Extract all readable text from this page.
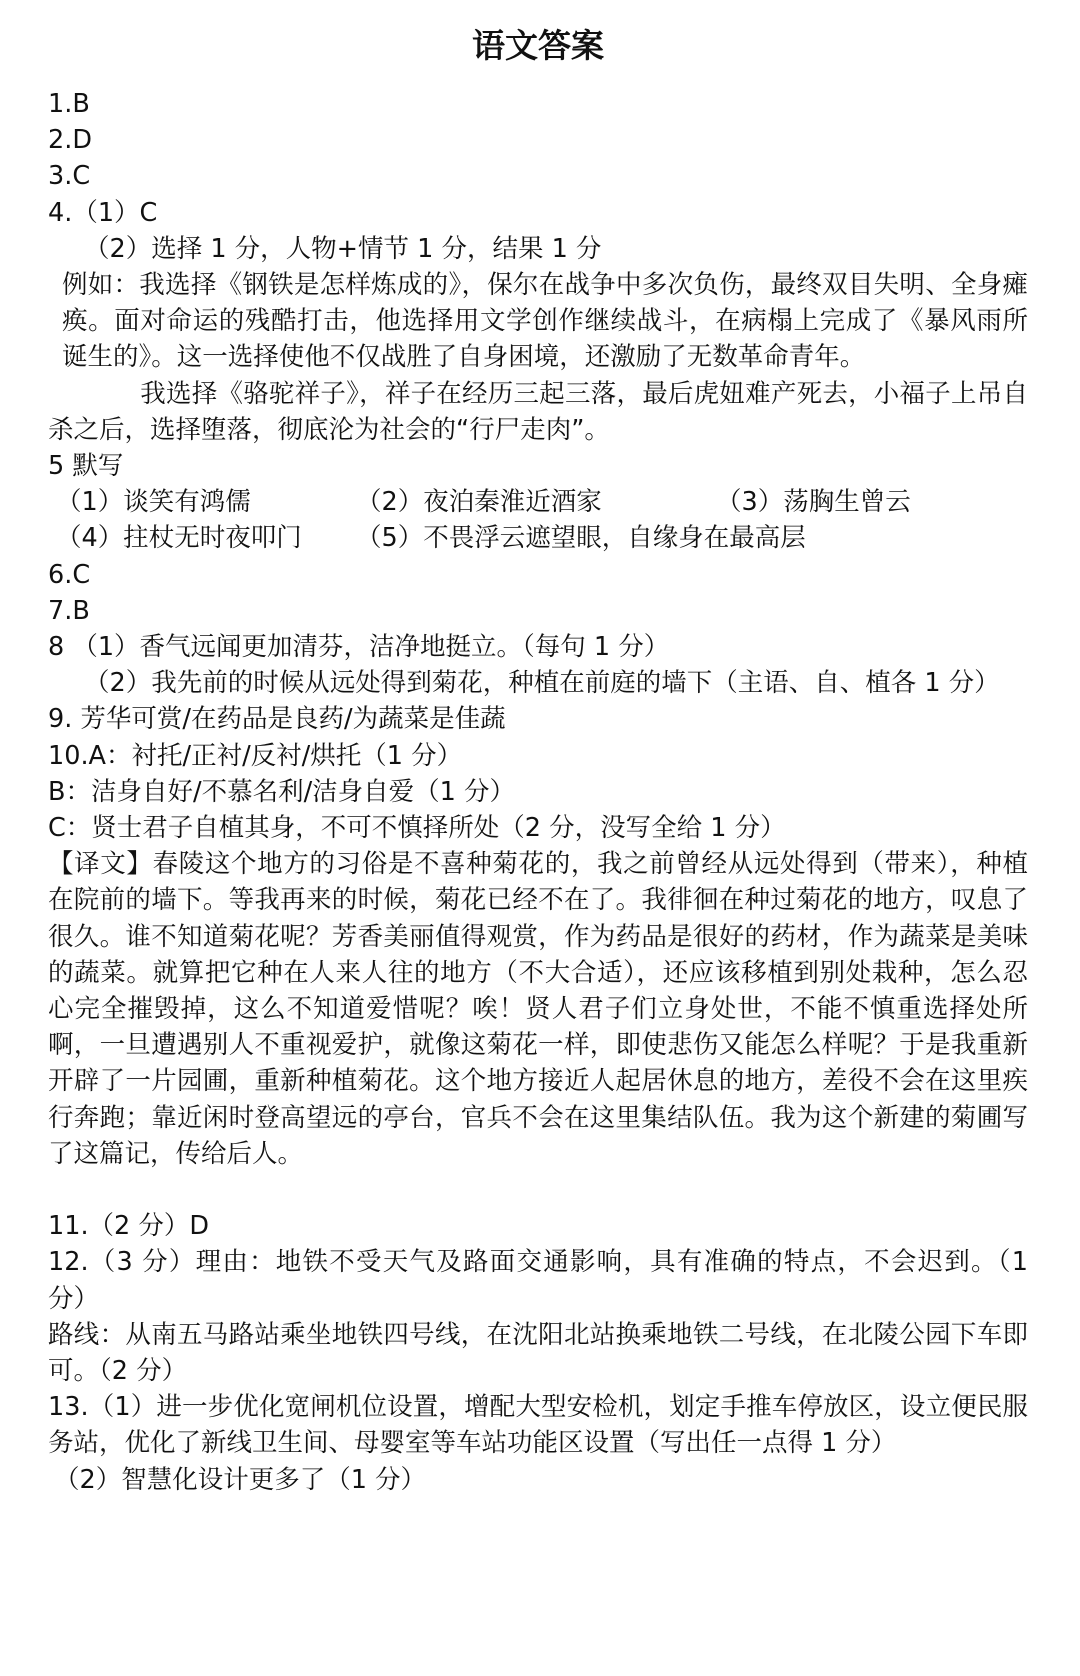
语文答案
1.B
2.D
3.C
4.（1）C
（2）选择 1 分，人物+情节 1 分，结果 1 分
例如：我选择《钢铁是怎样炼成的》，保尔在战争中多次负伤，最终双目失明、全身瘫痪。面对命运的残酷打击，他选择用文学创作继续战斗，在病榻上完成了《暴风雨所诞生的》。这一选择使他不仅战胜了自身困境，还激励了无数革命青年。
我选择《骆驼祥子》，祥子在经历三起三落，最后虎妞难产死去，小福子上吊自杀之后，选择堕落，彻底沦为社会的“行尸走肉”。
5 默写
（1）谈笑有鸿儒	（2）夜泊秦淮近酒家	（3）荡胸生曾云
（4）拄杖无时夜叩门	（5）不畏浮云遮望眼，自缘身在最高层
6.C
7.B
8 （1）香气远闻更加清芬，洁净地挺立。（每句 1 分）
（2）我先前的时候从远处得到菊花，种植在前庭的墙下（主语、自、植各 1 分）
9. 芳华可赏/在药品是良药/为蔬菜是佳蔬
10.A：衬托/正衬/反衬/烘托（1 分）
B：洁身自好/不慕名利/洁身自爱（1 分）
C：贤士君子自植其身，不可不慎择所处（2 分，没写全给 1 分）
【译文】春陵这个地方的习俗是不喜种菊花的，我之前曾经从远处得到（带来），种植在院前的墙下。等我再来的时候，菊花已经不在了。我徘徊在种过菊花的地方，叹息了很久。谁不知道菊花呢？芳香美丽值得观赏，作为药品是很好的药材，作为蔬菜是美味的蔬菜。就算把它种在人来人往的地方（不大合适），还应该移植到别处栽种，怎么忍心完全摧毁掉，这么不知道爱惜呢？唉！贤人君子们立身处世，不能不慎重选择处所啊，一旦遭遇别人不重视爱护，就像这菊花一样，即使悲伤又能怎么样呢？于是我重新开辟了一片园圃，重新种植菊花。这个地方接近人起居休息的地方，差役不会在这里疾行奔跑；靠近闲时登高望远的亭台，官兵不会在这里集结队伍。我为这个新建的菊圃写了这篇记，传给后人。
11.（2 分）D
12.（3 分）理由：地铁不受天气及路面交通影响，具有准确的特点，不会迟到。（1 分）
路线：从南五马路站乘坐地铁四号线，在沈阳北站换乘地铁二号线，在北陵公园下车即可。（2 分）
13.（1）进一步优化宽闸机位设置，增配大型安检机，划定手推车停放区，设立便民服务站，优化了新线卫生间、母婴室等车站功能区设置（写出任一点得 1 分）
（2）智慧化设计更多了（1 分）
